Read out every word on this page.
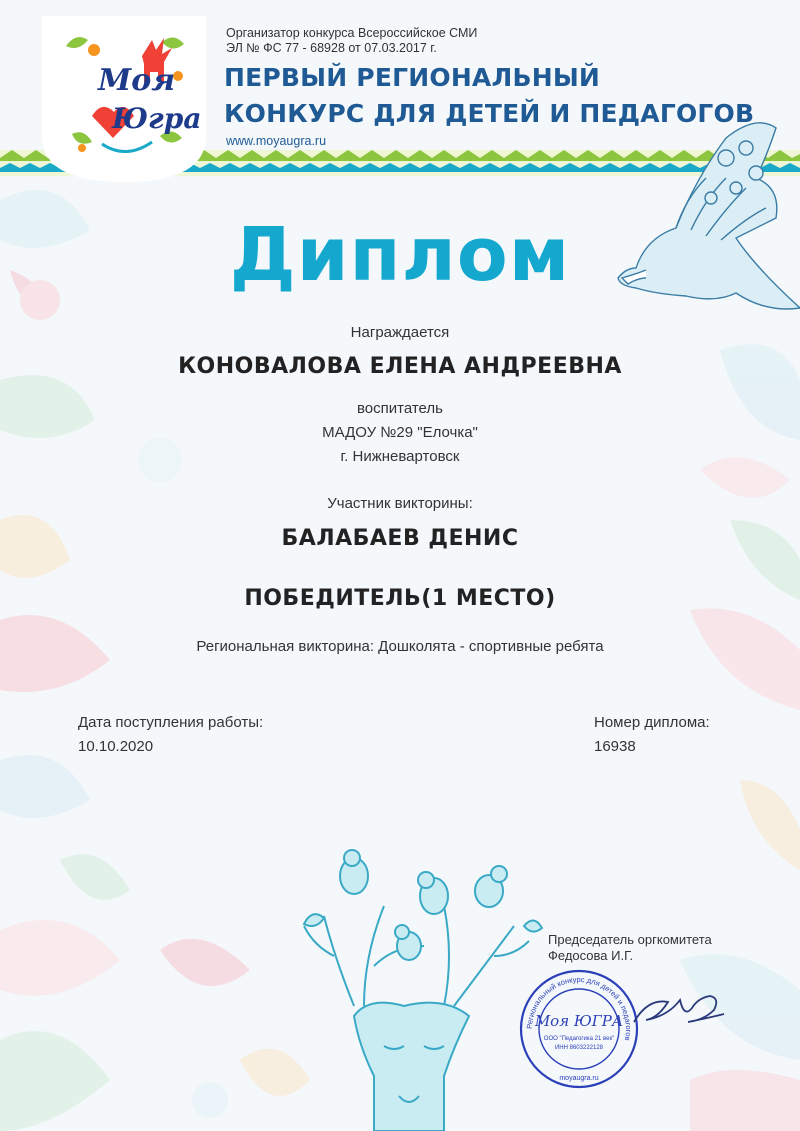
Моя
Югра
Организатор конкурса Всероссийское СМИ
ЭЛ № ФС 77 - 68928 от 07.03.2017 г.
ПЕРВЫЙ РЕГИОНАЛЬНЫЙ
КОНКУРС ДЛЯ ДЕТЕЙ И ПЕДАГОГОВ
www.moyaugra.ru
Диплом
Награждается
КОНОВАЛОВА ЕЛЕНА АНДРЕЕВНА
воспитатель
МАДОУ №29 "Елочка"
г. Нижневартовск
Участник викторины:
БАЛАБАЕВ ДЕНИС
ПОБЕДИТЕЛЬ(1 МЕСТО)
Региональная викторина: Дошколята - спортивные ребята
Дата поступления работы:
10.10.2020
Номер диплома:
16938
Председатель оргкомитета
Федосова И.Г.
Региональный конкурс для детей и педагогов
Моя ЮГРА
ООО "Педагогика 21 век"
ИНН 8603222128
moyaugra.ru
